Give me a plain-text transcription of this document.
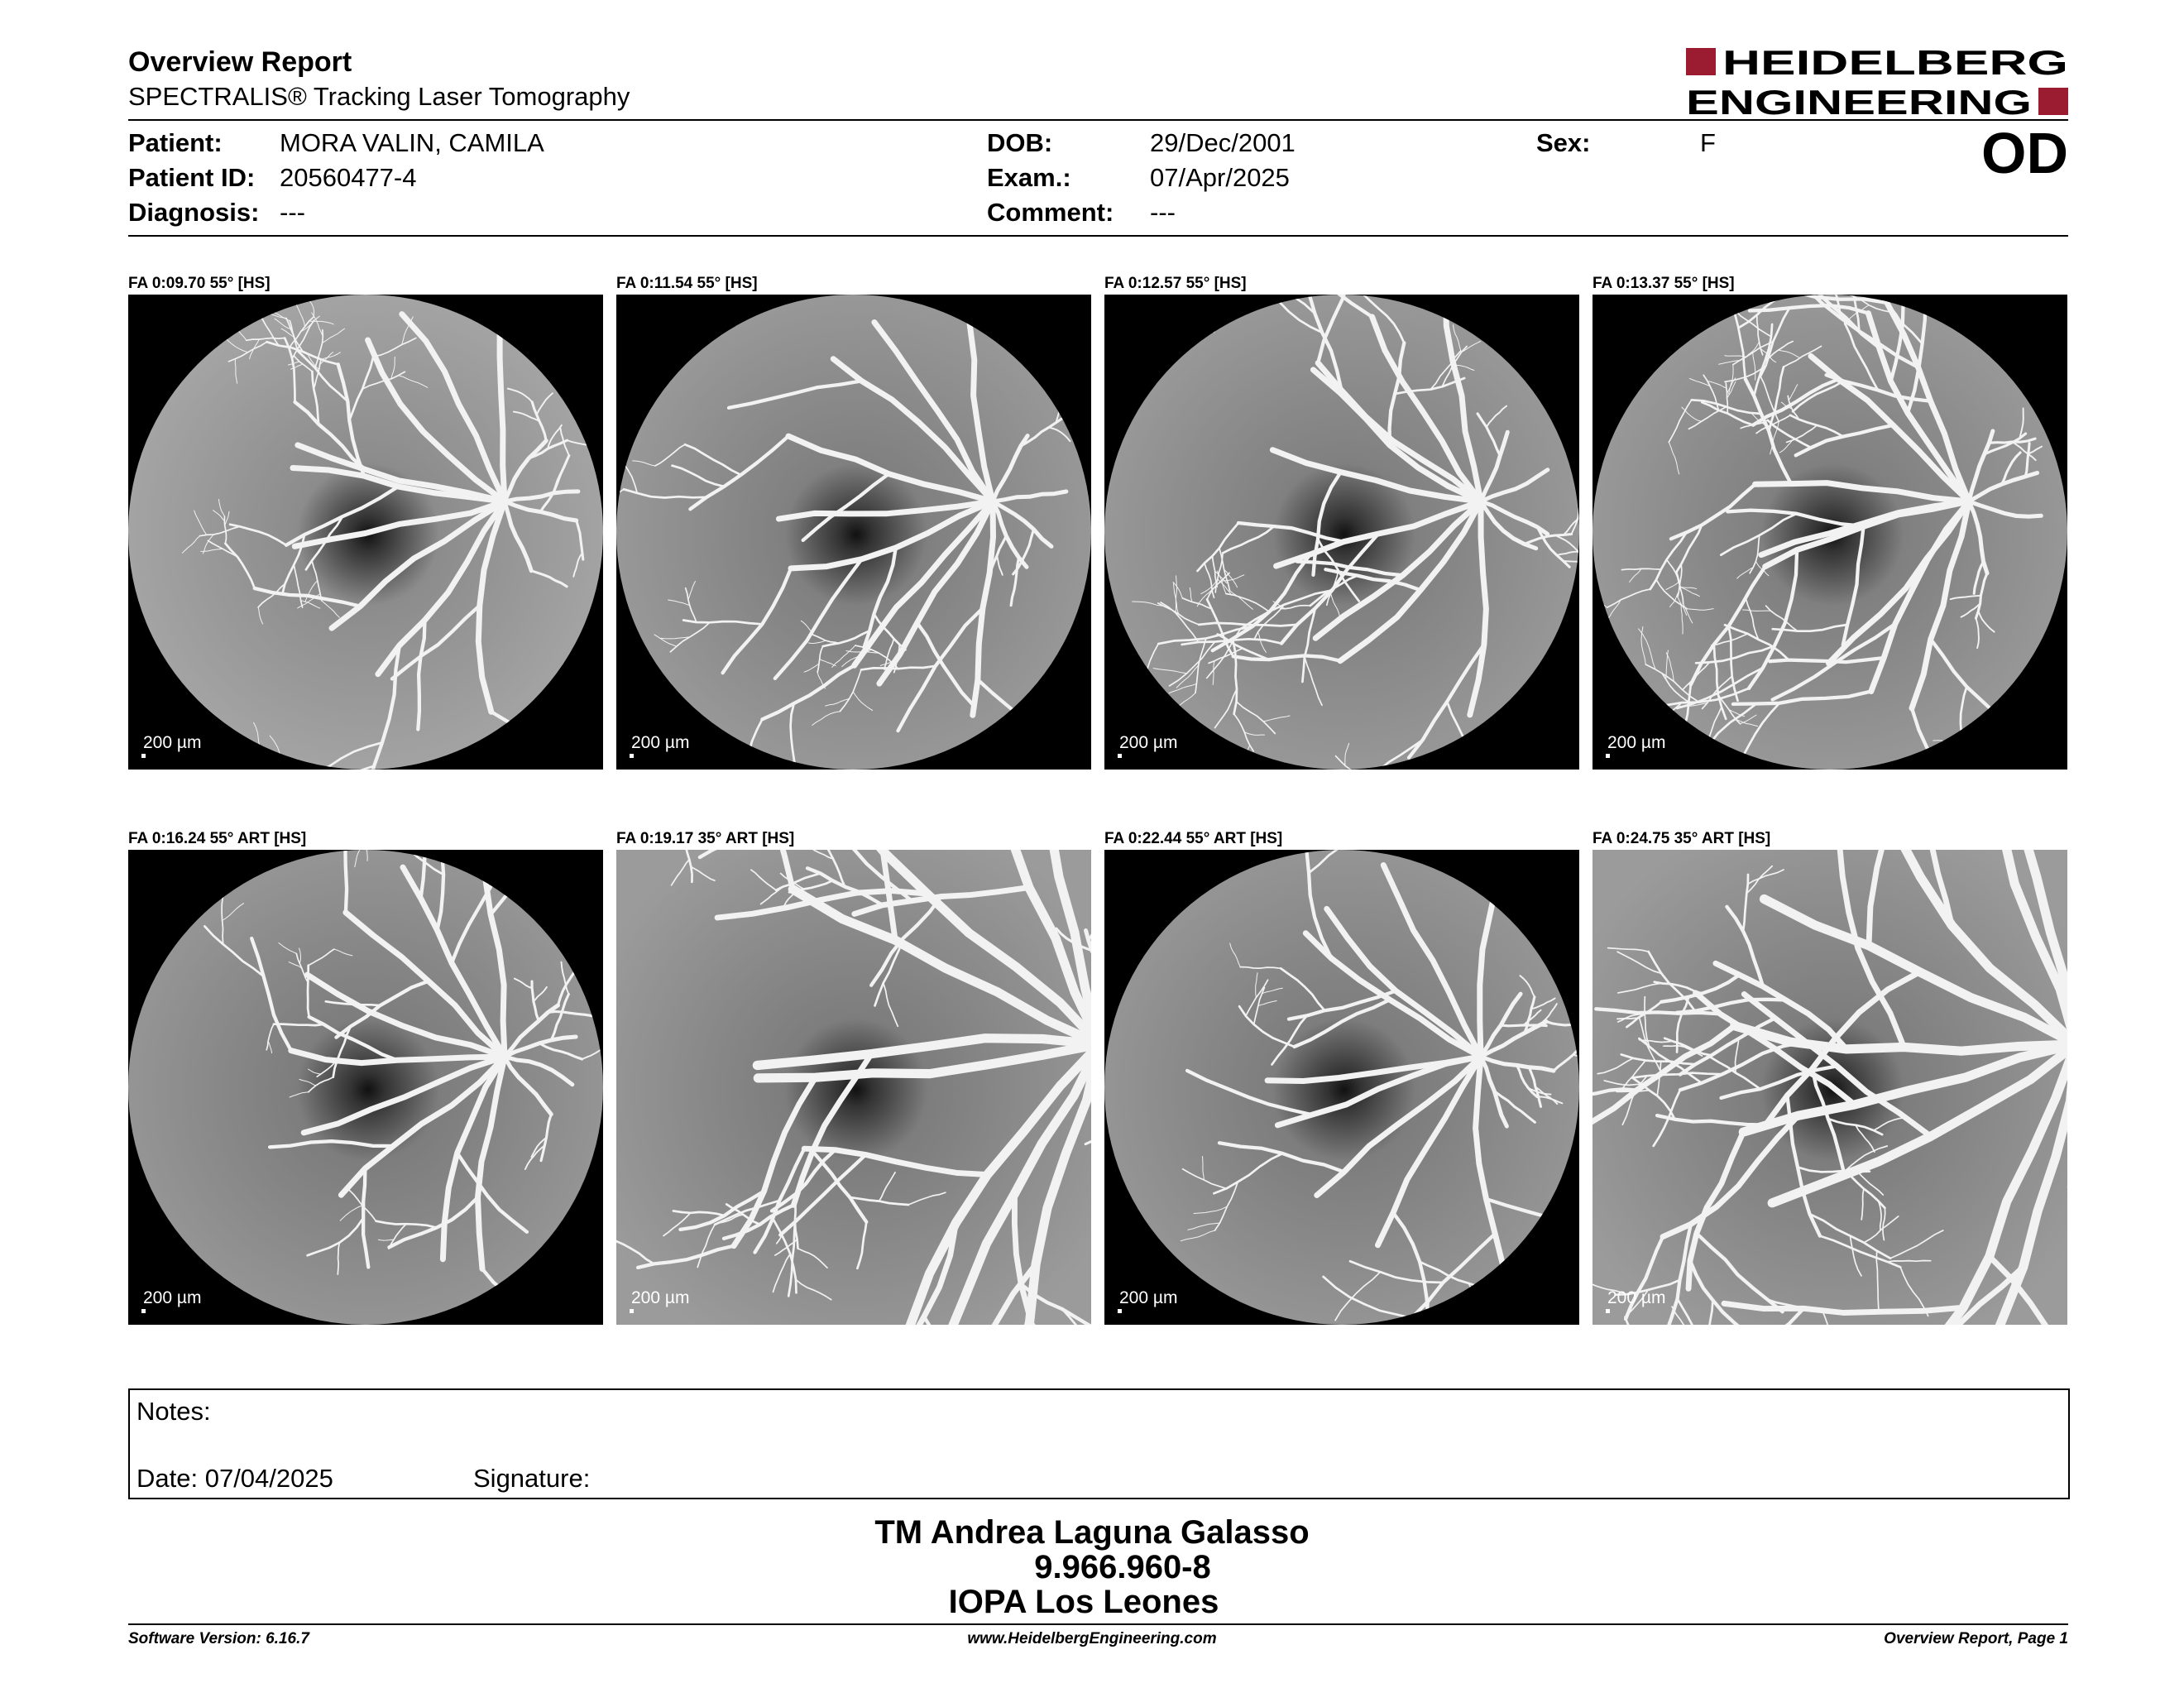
Overview Report
SPECTRALIS® Tracking Laser Tomography
HEIDELBERG
ENGINEERING
OD
Patient: MORA VALIN, CAMILA
Patient ID: 20560477-4
Diagnosis: ---
DOB:	29/Dec/2001
Exam.:	07/Apr/2025
Comment: ---
Sex:	F
FA 0:09.70 55° [HS]
200 µm
FA 0:11.54 55° [HS]
200 µm
FA 0:12.57 55° [HS]
200 µm
FA 0:13.37 55° [HS]
200 µm
FA 0:16.24 55° ART [HS]
200 µm
FA 0:19.17 35° ART [HS]
200 µm
FA 0:22.44 55° ART [HS]
200 µm
FA 0:24.75 35° ART [HS]
200 µm
Notes:
Date: 07/04/2025	Signature:
TM Andrea Laguna Galasso
9.966.960-8
IOPA Los Leones
Software Version: 6.16.7	www.HeidelbergEngineering.com	Overview Report, Page 1
